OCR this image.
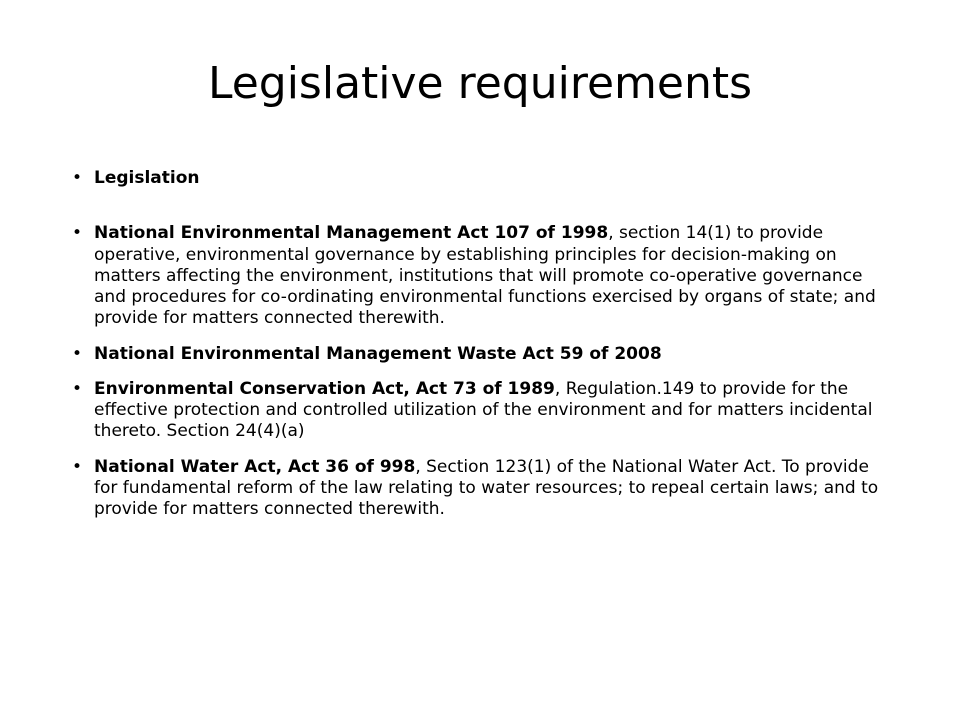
Legislative requirements
• Legislation
• National Environmental Management Act 107 of 1998, section 14(1) to provide operative, environmental governance by establishing principles for decision-making on matters affecting the environment, institutions that will promote co-operative governance and procedures for co-ordinating environmental functions exercised by organs of state; and provide for matters connected therewith.
• National Environmental Management Waste Act 59 of 2008
• Environmental Conservation Act, Act 73 of 1989, Regulation.149 to provide for the effective protection and controlled utilization of the environment and for matters incidental thereto. Section 24(4)(a)
• National Water Act, Act 36 of 998, Section 123(1) of the National Water Act. To provide for fundamental reform of the law relating to water resources; to repeal certain laws; and to provide for matters connected therewith.
